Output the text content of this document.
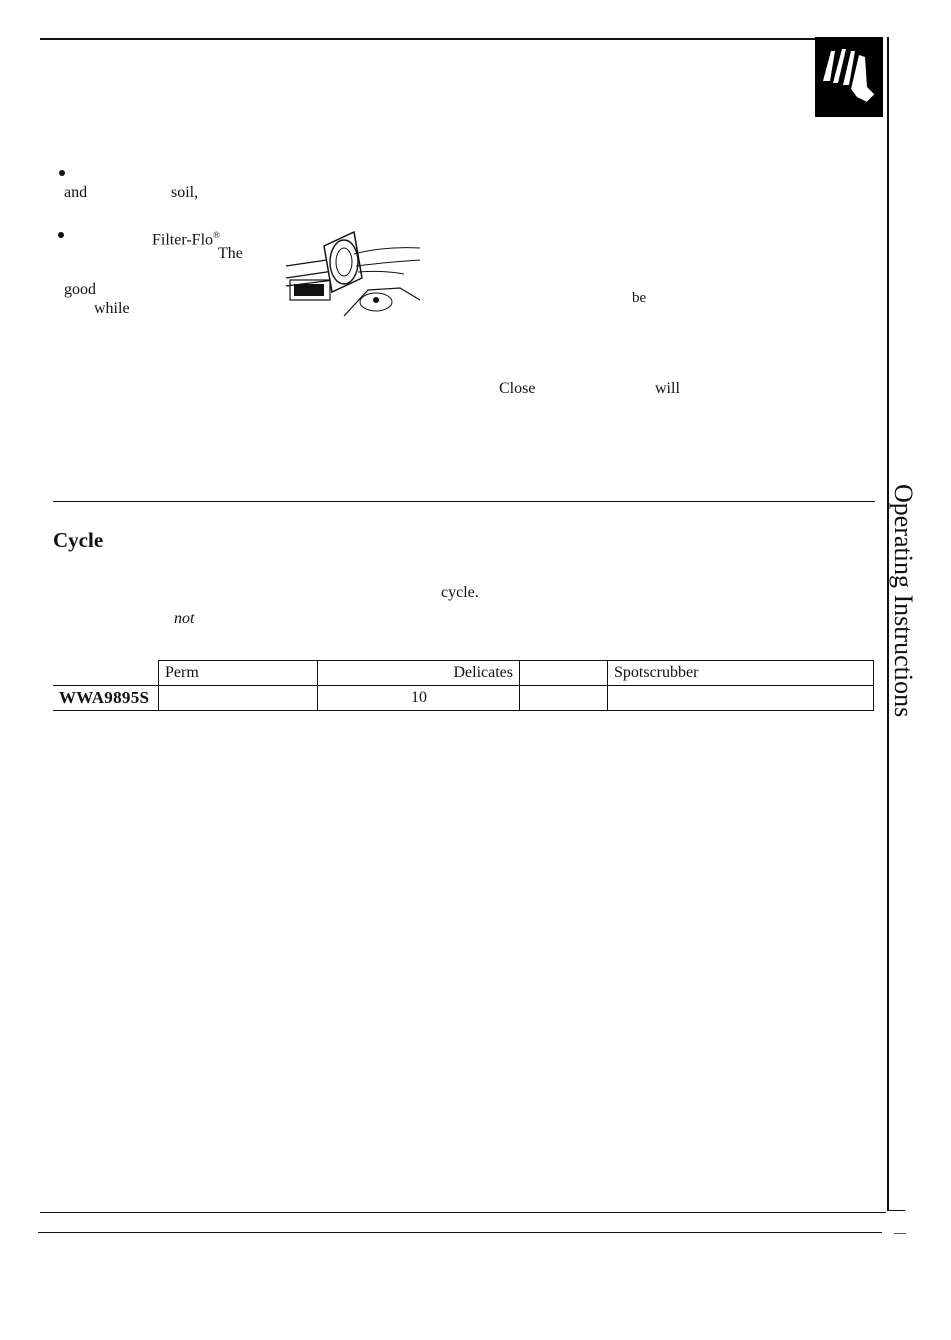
and	soil,
Filter-Flo®
The
good
while
be
Close	will
Cycle
cycle.
not
	Perm	Delicates		Spotscrubber
WWA9895S		10			Operating Instructions
